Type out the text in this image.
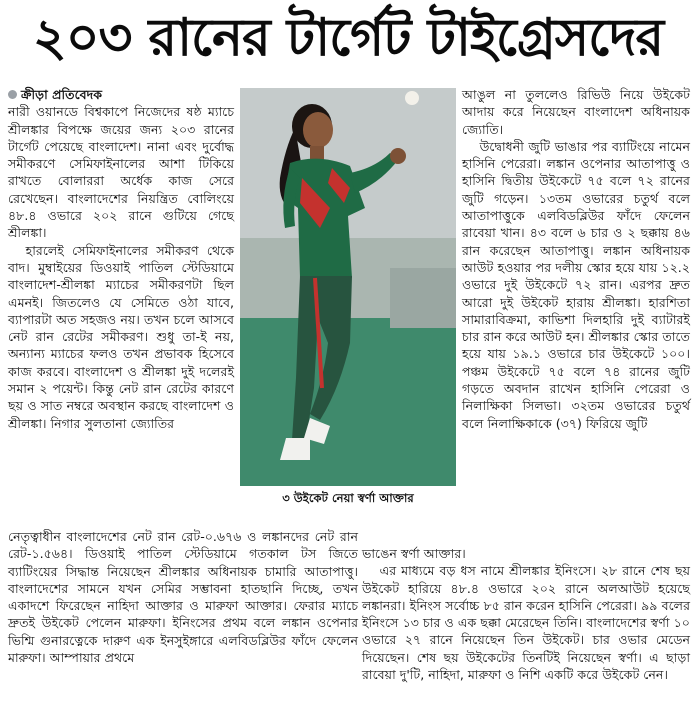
২০৩ রানের টার্গেট টাইগ্রেসদের
ক্রীড়া প্রতিবেদক

নারী ওয়ানডে বিশ্বকাপে নিজেদের ষষ্ঠ ম্যাচে শ্রীলঙ্কার বিপক্ষে জয়ের জন্য ২০৩ রানের টার্গেট পেয়েছে বাংলাদেশ। নানা এবং দুর্বোদ্ধ সমীকরণে সেমিফাইনালের আশা টিকিয়ে রাখতে বোলাররা অর্ধেক কাজ সেরে রেখেছেন। বাংলাদেশের নিয়ন্ত্রিত বোলিংয়ে ৪৮.৪ ওভারে ২০২ রানে গুটিয়ে গেছে শ্রীলঙ্কা।

হারলেই সেমিফাইনালের সমীকরণ থেকে বাদ। মুম্বাইয়ের ডিওয়াই পাতিল স্টেডিয়ামে বাংলাদেশ-শ্রীলঙ্কা ম্যাচের সমীকরণটা ছিল এমনই। জিতলেও যে সেমিতে ওঠা যাবে, ব্যাপারটা অত সহজও নয়। তখন চলে আসবে নেট রান রেটের সমীকরণ। শুধু তা-ই নয়, অন্যান্য ম্যাচের ফলও তখন প্রভাবক হিসেবে কাজ করবে। বাংলাদেশ ও শ্রীলঙ্কা দুই দলেরই সমান ২ পয়েন্ট। কিন্তু নেট রান রেটের কারণে ছয় ও সাত নম্বরে অবস্থান করছে বাংলাদেশ ও শ্রীলঙ্কা। নিগার সুলতানা জ্যোতির

৩ উইকেট নেয়া স্বর্ণা আক্তার

আঙুল না তুললেও রিভিউ নিয়ে উইকেট আদায় করে নিয়েছেন বাংলাদেশ অধিনায়ক জ্যোতি।

উদ্বোধনী জুটি ভাঙার পর ব্যাটিংয়ে নামেন হাসিনি পেরেরা। লঙ্কান ওপেনার আতাপাত্তু ও হাসিনি দ্বিতীয় উইকেটে ৭৫ বলে ৭২ রানের জুটি গড়েন। ১৩তম ওভারের চতুর্থ বলে আতাপাত্তুকে এলবিডব্লিউর ফাঁদে ফেলেন রাবেয়া খান। ৪৩ বলে ৬ চার ও ২ ছক্কায় ৪৬ রান করেছেন আতাপাত্তু। লঙ্কান অধিনায়ক আউট হওয়ার পর দলীয় স্কোর হয়ে যায় ১২.২ ওভারে দুই উইকেটে ৭২ রান। এরপর দ্রুত আরো দুই উইকেট হারায় শ্রীলঙ্কা। হারশিতা সামারাবিক্রমা, কাভিশা দিলহারি দুই ব্যাটারই চার রান করে আউট হন। শ্রীলঙ্কার স্কোর তাতে হয়ে যায় ১৯.১ ওভারে চার উইকেটে ১০০। পঞ্চম উইকেটে ৭৫ বলে ৭৪ রানের জুটি গড়তে অবদান রাখেন হাসিনি পেরেরা ও নিলাক্ষিকা সিলভা। ৩২তম ওভারের চতুর্থ বলে নিলাক্ষিকাকে (৩৭) ফিরিয়ে জুটি

নেতৃত্বাধীন বাংলাদেশের নেট রান রেট-০.৬৭৬ ও লঙ্কানদের নেট রান রেট-১.৫৬৪। ডিওয়াই পাতিল স্টেডিয়ামে গতকাল টস জিতে ব্যাটিংয়ের সিদ্ধান্ত নিয়েছেন শ্রীলঙ্কার অধিনায়ক চামারি আতাপাত্তু। বাংলাদেশের সামনে যখন সেমির সম্ভাবনা হাতছানি দিচ্ছে, তখন একাদশে ফিরেছেন নাহিদা আক্তার ও মারুফা আক্তার। ফেরার ম্যাচে দ্রুতই উইকেট পেলেন মারুফা। ইনিংসের প্রথম বলে লঙ্কান ওপেনার ভিশ্মি গুনারত্নেকে দারুণ এক ইনসুইঙ্গারে এলবিডব্লিউর ফাঁদে ফেলেন মারুফা। আম্পায়ার প্রথমে

ভাঙেন স্বর্ণা আক্তার।

এর মাধ্যমে বড় ধস নামে শ্রীলঙ্কার ইনিংসে। ২৮ রানে শেষ ছয় উইকেট হারিয়ে ৪৮.৪ ওভারে ২০২ রানে অলআউট হয়েছে লঙ্কানরা। ইনিংস সর্বোচ্চ ৮৫ রান করেন হাসিনি পেরেরা। ৯৯ বলের ইনিংসে ১৩ চার ও এক ছক্কা মেরেছেন তিনি। বাংলাদেশের স্বর্ণা ১০ ওভারে ২৭ রানে নিয়েছেন তিন উইকেট। চার ওভার মেডেন দিয়েছেন। শেষ ছয় উইকেটের তিনটিই নিয়েছেন স্বর্ণা। এ ছাড়া রাবেয়া দু'টি, নাহিদা, মারুফা ও নিশি একটি করে উইকেট নেন।
